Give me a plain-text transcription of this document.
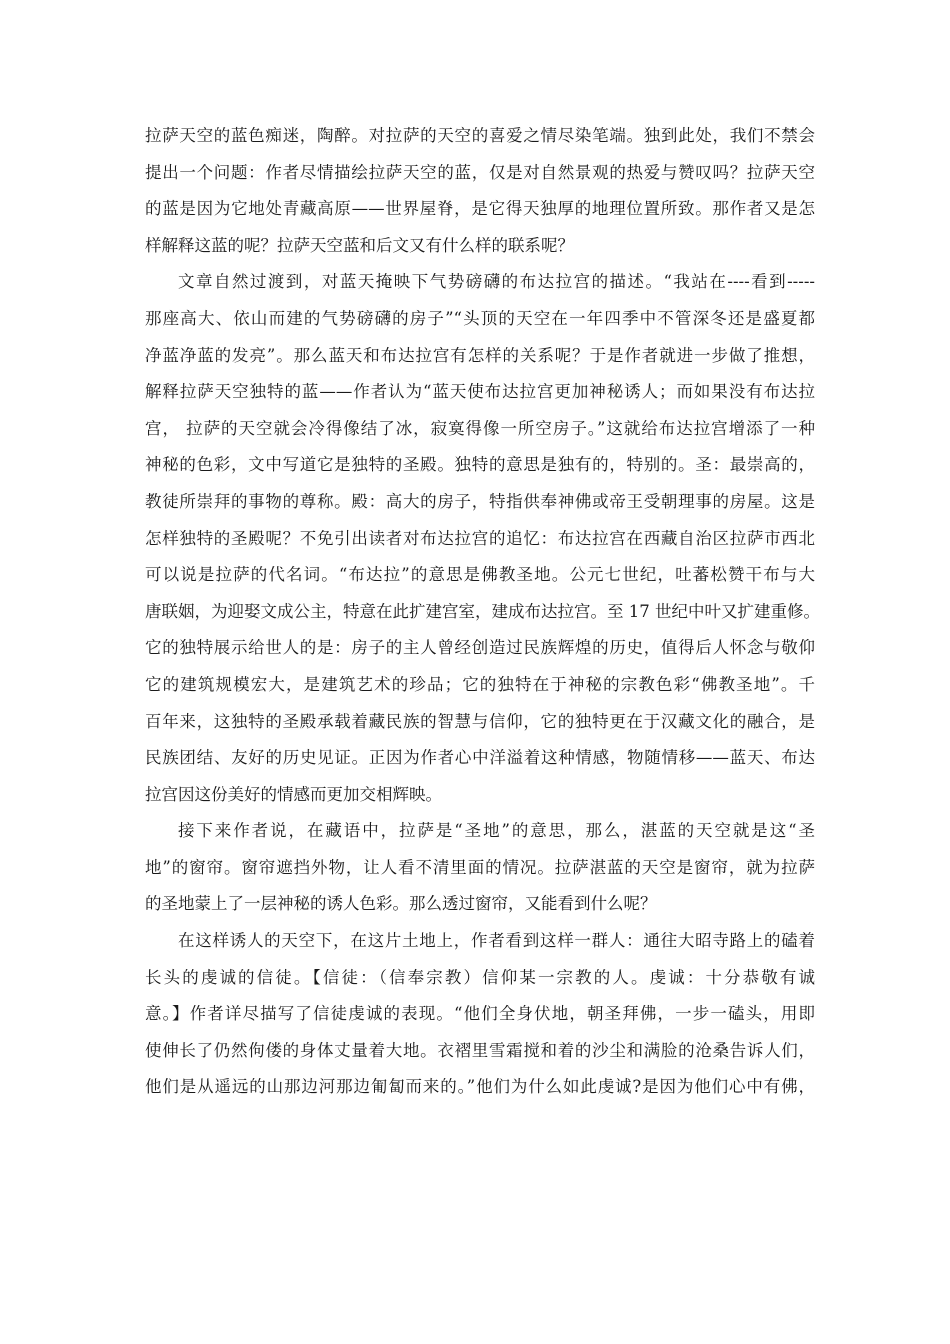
拉萨天空的蓝色痴迷，陶醉。对拉萨的天空的喜爱之情尽染笔端。独到此处，我们不禁会
提出一个问题：作者尽情描绘拉萨天空的蓝，仅是对自然景观的热爱与赞叹吗？拉萨天空
的蓝是因为它地处青藏高原——世界屋脊，是它得天独厚的地理位置所致。那作者又是怎
样解释这蓝的呢？拉萨天空蓝和后文又有什么样的联系呢？
文章自然过渡到，对蓝天掩映下气势磅礴的布达拉宫的描述。“我站在----看到-----
那座高大、依山而建的气势磅礴的房子”“头顶的天空在一年四季中不管深冬还是盛夏都
净蓝净蓝的发亮”。那么蓝天和布达拉宫有怎样的关系呢？于是作者就进一步做了推想，
解释拉萨天空独特的蓝——作者认为“蓝天使布达拉宫更加神秘诱人；而如果没有布达拉
宫， 拉萨的天空就会冷得像结了冰，寂寞得像一所空房子。”这就给布达拉宫增添了一种
神秘的色彩，文中写道它是独特的圣殿。独特的意思是独有的，特别的。圣：最崇高的，
教徒所崇拜的事物的尊称。殿：高大的房子，特指供奉神佛或帝王受朝理事的房屋。这是
怎样独特的圣殿呢？不免引出读者对布达拉宫的追忆：布达拉宫在西藏自治区拉萨市西北
可以说是拉萨的代名词。“布达拉”的意思是佛教圣地。公元七世纪，吐蕃松赞干布与大
唐联姻，为迎娶文成公主，特意在此扩建宫室，建成布达拉宫。至 17 世纪中叶又扩建重修。
它的独特展示给世人的是：房子的主人曾经创造过民族辉煌的历史，值得后人怀念与敬仰
它的建筑规模宏大，是建筑艺术的珍品；它的独特在于神秘的宗教色彩“佛教圣地”。千
百年来，这独特的圣殿承载着藏民族的智慧与信仰，它的独特更在于汉藏文化的融合，是
民族团结、友好的历史见证。正因为作者心中洋溢着这种情感，物随情移——蓝天、布达
拉宫因这份美好的情感而更加交相辉映。
接下来作者说，在藏语中，拉萨是“圣地”的意思，那么，湛蓝的天空就是这“圣
地”的窗帘。窗帘遮挡外物，让人看不清里面的情况。拉萨湛蓝的天空是窗帘，就为拉萨
的圣地蒙上了一层神秘的诱人色彩。那么透过窗帘，又能看到什么呢？
在这样诱人的天空下，在这片土地上，作者看到这样一群人：通往大昭寺路上的磕着
长头的虔诚的信徒。【信徒：（信奉宗教）信仰某一宗教的人。虔诚：十分恭敬有诚
意。】作者详尽描写了信徒虔诚的表现。“他们全身伏地，朝圣拜佛，一步一磕头，用即
使伸长了仍然佝偻的身体丈量着大地。衣褶里雪霜搅和着的沙尘和满脸的沧桑告诉人们，
他们是从遥远的山那边河那边匍匐而来的。”他们为什么如此虔诚?是因为他们心中有佛，
